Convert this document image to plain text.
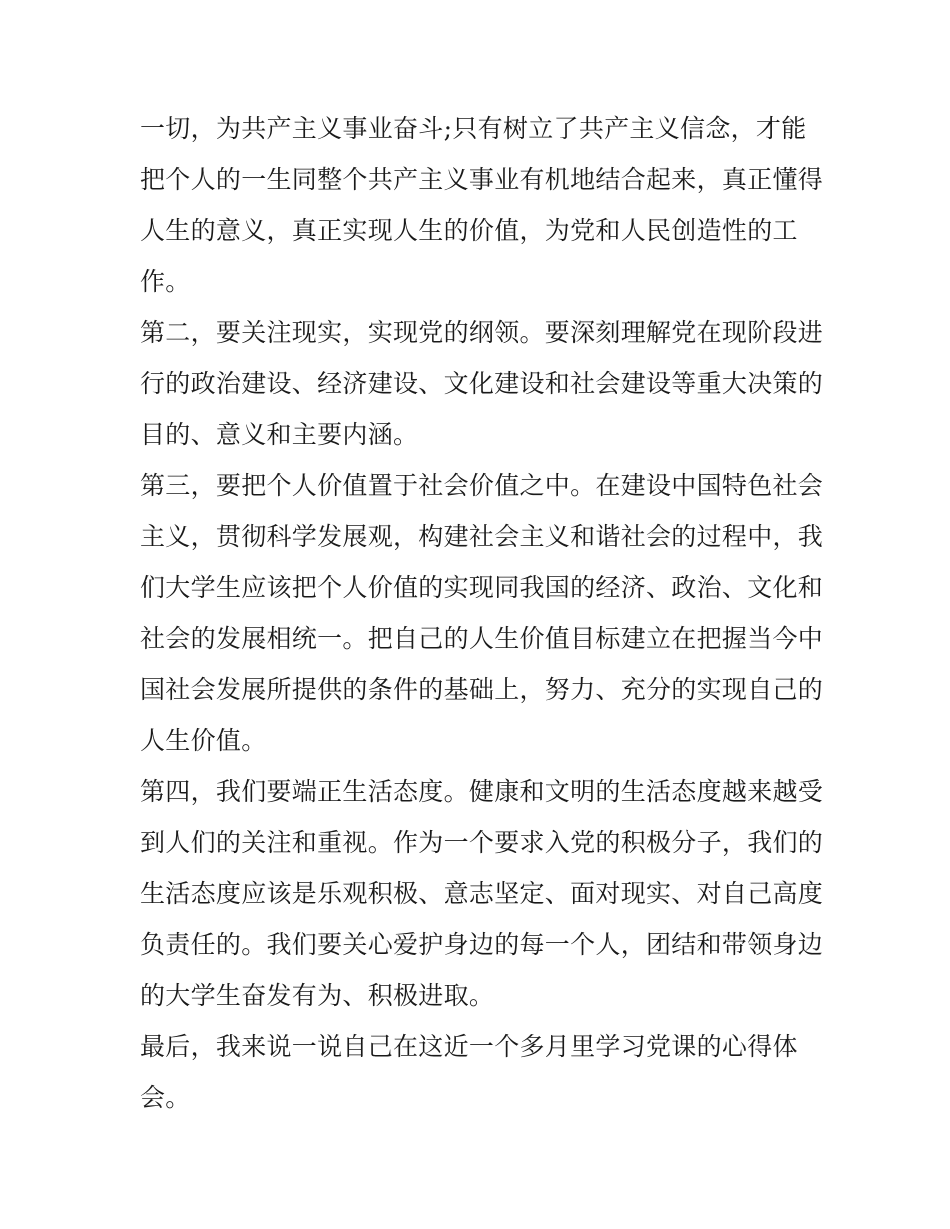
一切，为共产主义事业奋斗;只有树立了共产主义信念，才能
把个人的一生同整个共产主义事业有机地结合起来，真正懂得
人生的意义，真正实现人生的价值，为党和人民创造性的工
作。
第二，要关注现实，实现党的纲领。要深刻理解党在现阶段进
行的政治建设、经济建设、文化建设和社会建设等重大决策的
目的、意义和主要内涵。
第三，要把个人价值置于社会价值之中。在建设中国特色社会
主义，贯彻科学发展观，构建社会主义和谐社会的过程中，我
们大学生应该把个人价值的实现同我国的经济、政治、文化和
社会的发展相统一。把自己的人生价值目标建立在把握当今中
国社会发展所提供的条件的基础上，努力、充分的实现自己的
人生价值。
第四，我们要端正生活态度。健康和文明的生活态度越来越受
到人们的关注和重视。作为一个要求入党的积极分子，我们的
生活态度应该是乐观积极、意志坚定、面对现实、对自己高度
负责任的。我们要关心爱护身边的每一个人，团结和带领身边
的大学生奋发有为、积极进取。
最后，我来说一说自己在这近一个多月里学习党课的心得体
会。
